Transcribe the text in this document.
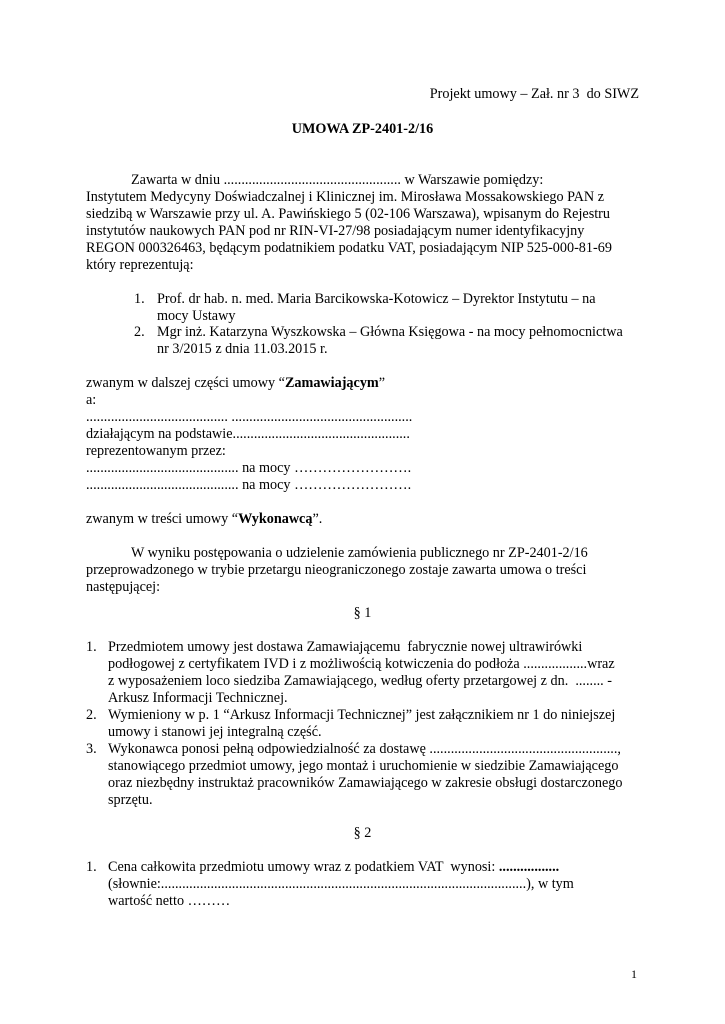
Projekt umowy – Zał. nr 3  do SIWZ
UMOWA ZP-2401-2/16
Zawarta w dniu .................................................. w Warszawie pomiędzy:
Instytutem Medycyny Doświadczalnej i Klinicznej im. Mirosława Mossakowskiego PAN z
siedzibą w Warszawie przy ul. A. Pawińskiego 5 (02-106 Warszawa), wpisanym do Rejestru
instytutów naukowych PAN pod nr RIN-VI-27/98 posiadającym numer identyfikacyjny
REGON 000326463, będącym podatnikiem podatku VAT, posiadającym NIP 525-000-81-69
który reprezentują:
1. Prof. dr hab. n. med. Maria Barcikowska-Kotowicz – Dyrektor Instytutu – na
mocy Ustawy
2. Mgr inż. Katarzyna Wyszkowska – Główna Księgowa - na mocy pełnomocnictwa
nr 3/2015 z dnia 11.03.2015 r.
zwanym w dalszej części umowy “Zamawiającym”
a:
........................................ ...................................................
działającym na podstawie..................................................
reprezentowanym przez:
........................................... na mocy …………………….
........................................... na mocy …………………….
zwanym w treści umowy “Wykonawcą”.
W wyniku postępowania o udzielenie zamówienia publicznego nr ZP-2401-2/16
przeprowadzonego w trybie przetargu nieograniczonego zostaje zawarta umowa o treści
następującej:
§ 1
1. Przedmiotem umowy jest dostawa Zamawiającemu  fabrycznie nowej ultrawirówki
podłogowej z certyfikatem IVD i z możliwością kotwiczenia do podłoża ..................wraz
z wyposażeniem loco siedziba Zamawiającego, według oferty przetargowej z dn.  ........ -
Arkusz Informacji Technicznej.
2. Wymieniony w p. 1 “Arkusz Informacji Technicznej” jest załącznikiem nr 1 do niniejszej
umowy i stanowi jej integralną część.
3. Wykonawca ponosi pełną odpowiedzialność za dostawę .....................................................,
stanowiącego przedmiot umowy, jego montaż i uruchomienie w siedzibie Zamawiającego
oraz niezbędny instruktaż pracowników Zamawiającego w zakresie obsługi dostarczonego
sprzętu.
§ 2
1. Cena całkowita przedmiotu umowy wraz z podatkiem VAT  wynosi: .................
(słownie:.......................................................................................................), w tym
wartość netto ………
1
